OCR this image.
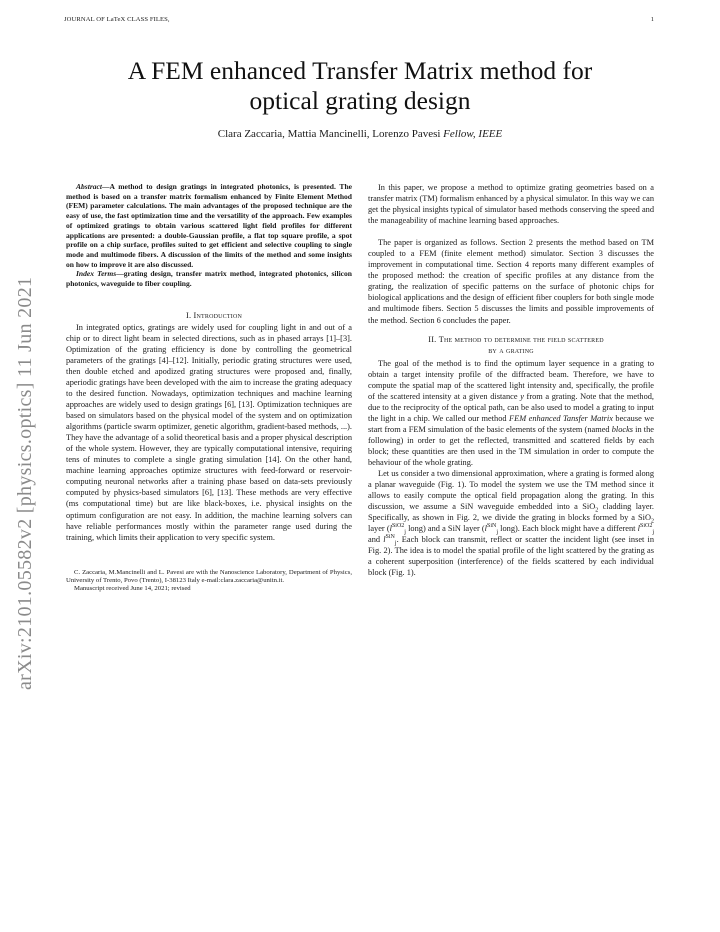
JOURNAL OF LaTeX CLASS FILES,	1
arXiv:2101.05582v2 [physics.optics] 11 Jun 2021
A FEM enhanced Transfer Matrix method for
optical grating design
Clara Zaccaria, Mattia Mancinelli, Lorenzo Pavesi Fellow, IEEE

Abstract—A method to design gratings in integrated photonics, is presented. The method is based on a transfer matrix formalism enhanced by Finite Element Method (FEM) parameter calculations. The main advantages of the proposed technique are the easy of use, the fast optimization time and the versatility of the approach. Few examples of optimized gratings to obtain various scattered light field profiles for different applications are presented: a double-Gaussian profile, a flat top square profile, a spot profile on a chip surface, profiles suited to get efficient and selective coupling to single mode and multimode fibers. A discussion of the limits of the method and some insights on how to improve it are also discussed.

Index Terms—grating design, transfer matrix method, integrated photonics, silicon photonics, waveguide to fiber coupling.

I. Introduction

In integrated optics, gratings are widely used for coupling light in and out of a chip or to direct light beam in selected directions, such as in phased arrays [1]–[3]. Optimization of the grating efficiency is done by controlling the geometrical parameters of the gratings [4]–[12]. Initially, periodic grating structures were used, then double etched and apodized grating structures were proposed and, finally, aperiodic gratings have been developed with the aim to increase the grating adequacy to the desired function. Nowadays, optimization techniques and machine learning approaches are widely used to design gratings [6], [13]. Optimization techniques are based on simulators based on the physical model of the system and on optimization algorithms (particle swarm optimizer, genetic algorithm, gradient-based methods, ...). They have the advantage of a solid theoretical basis and a proper physical description of the whole system. However, they are typically computational intensive, requiring tens of minutes to complete a single grating simulation [14]. On the other hand, machine learning approaches optimize structures with feed-forward or reservoir-computing neuronal networks after a training phase based on data-sets previously computed by physics-based simulators [6], [13]. These methods are very effective (ms computational time) but are like black-boxes, i.e. physical insights on the optimum configuration are not easy. In addition, the machine learning solvers can have reliable performances mostly within the parameter range used during the training, which limits their application to very specific system.

C. Zaccaria, M.Mancinelli and L. Pavesi are with the Nanoscience Laboratory, Department of Physics, University of Trento, Povo (Trento), I-38123 Italy e-mail:clara.zaccaria@unitn.it.

Manuscript received June 14, 2021; revised

In this paper, we propose a method to optimize grating geometries based on a transfer matrix (TM) formalism enhanced by a physical simulator. In this way we can get the physical insights typical of simulator based methods conserving the speed and the manageability of machine learning based approaches.

The paper is organized as follows. Section 2 presents the method based on TM coupled to a FEM (finite element method) simulator. Section 3 discusses the improvement in computational time. Section 4 reports many different examples of the proposed method: the creation of specific profiles at any distance from the grating, the realization of specific patterns on the surface of photonic chips for biological applications and the design of efficient fiber couplers for both single mode and multimode fibers. Section 5 discusses the limits and possible improvements of the method. Section 6 concludes the paper.

II. The method to determine the field scattered
by a grating

The goal of the method is to find the optimum layer sequence in a grating to obtain a target intensity profile of the diffracted beam. Therefore, we have to compute the spatial map of the scattered light intensity and, specifically, the profile of the scattered intensity at a given distance y from a grating. Note that the method, due to the reciprocity of the optical path, can be also used to model a grating to input the light in a chip. We called our method FEM enhanced Tansfer Matrix because we start from a FEM simulation of the basic elements of the system (named blocks in the following) in order to get the reflected, transmitted and scattered fields by each block; these quantities are then used in the TM simulation in order to compute the behaviour of the whole grating.

Let us consider a two dimensional approximation, where a grating is formed along a planar waveguide (Fig. 1). To model the system we use the TM method since it allows to easily compute the optical field propagation along the grating. In this discussion, we assume a SiN waveguide embedded into a SiO$_2$ cladding layer. Specifically, as shown in Fig. 2, we divide the grating in blocks formed by a SiO$_2$ layer ($l^{SiO2}_j$ long) and a SiN layer ($l^{SiN}_j$ long). Each block might have a different $l^{SiO2}_j$ and $l^{SiN}_j$. Each block can transmit, reflect or scatter the incident light (see inset in Fig. 2). The idea is to model the spatial profile of the light scattered by the grating as a coherent superposition (interference) of the fields scattered by each individual block (Fig. 1).
